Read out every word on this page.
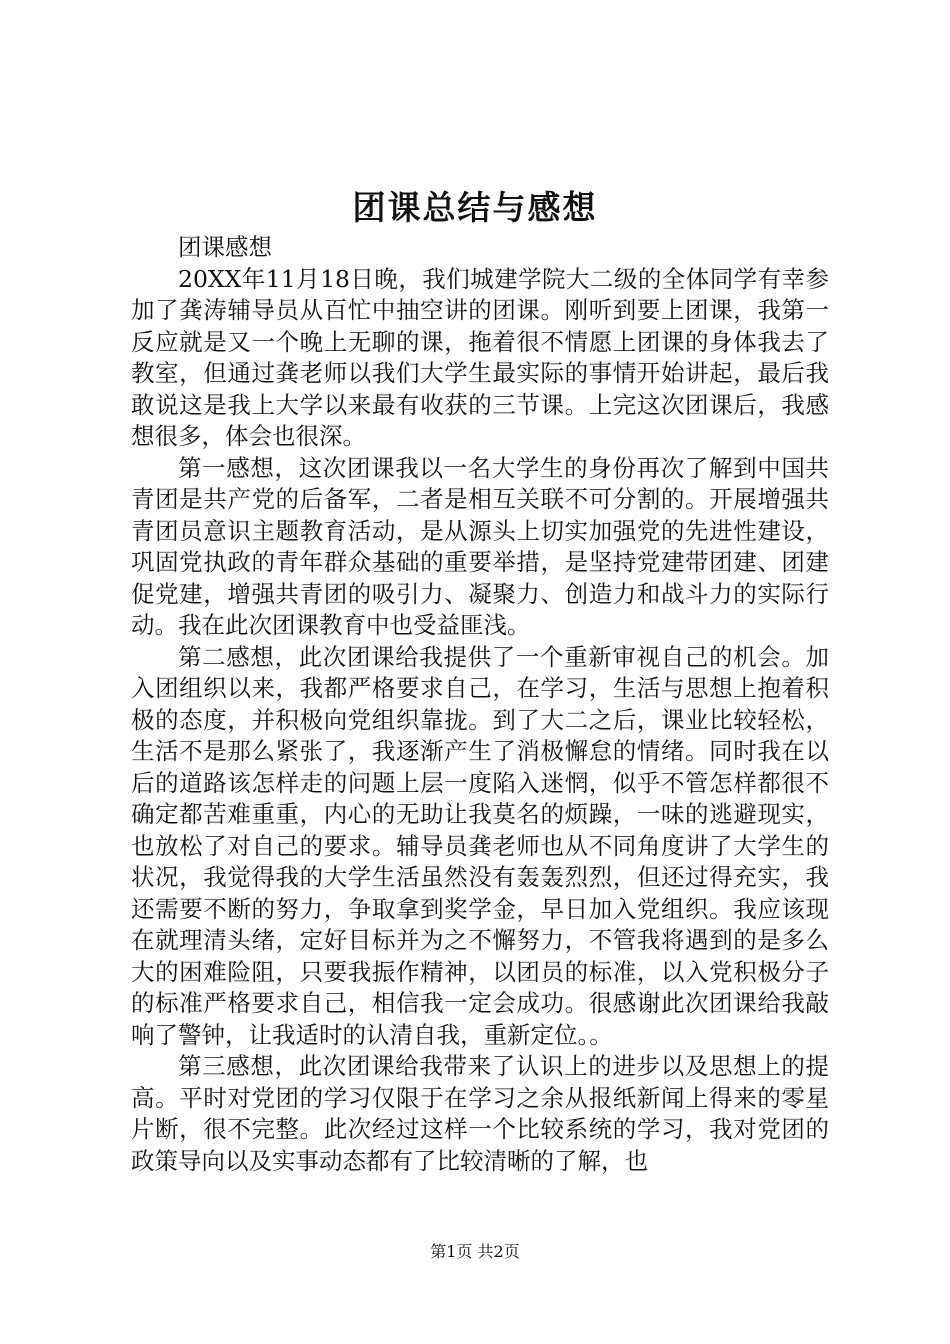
团课总结与感想

团课感想

20XX年11月18日晚，我们城建学院大二级的全体同学有幸参加了龚涛辅导员从百忙中抽空讲的团课。刚听到要上团课，我第一反应就是又一个晚上无聊的课，拖着很不情愿上团课的身体我去了教室，但通过龚老师以我们大学生最实际的事情开始讲起，最后我敢说这是我上大学以来最有收获的三节课。上完这次团课后，我感想很多，体会也很深。

第一感想，这次团课我以一名大学生的身份再次了解到中国共青团是共产党的后备军，二者是相互关联不可分割的。开展增强共青团员意识主题教育活动，是从源头上切实加强党的先进性建设，巩固党执政的青年群众基础的重要举措，是坚持党建带团建、团建促党建，增强共青团的吸引力、凝聚力、创造力和战斗力的实际行动。我在此次团课教育中也受益匪浅。

第二感想，此次团课给我提供了一个重新审视自己的机会。加入团组织以来，我都严格要求自己，在学习，生活与思想上抱着积极的态度，并积极向党组织靠拢。到了大二之后，课业比较轻松，生活不是那么紧张了，我逐渐产生了消极懈怠的情绪。同时我在以后的道路该怎样走的问题上层一度陷入迷惘，似乎不管怎样都很不确定都苦难重重，内心的无助让我莫名的烦躁，一味的逃避现实，也放松了对自己的要求。辅导员龚老师也从不同角度讲了大学生的状况，我觉得我的大学生活虽然没有轰轰烈烈，但还过得充实，我还需要不断的努力，争取拿到奖学金，早日加入党组织。我应该现在就理清头绪，定好目标并为之不懈努力，不管我将遇到的是多么大的困难险阻，只要我振作精神，以团员的标准，以入党积极分子的标准严格要求自己，相信我一定会成功。很感谢此次团课给我敲响了警钟，让我适时的认清自我，重新定位。。

第三感想，此次团课给我带来了认识上的进步以及思想上的提高。平时对党团的学习仅限于在学习之余从报纸新闻上得来的零星片断，很不完整。此次经过这样一个比较系统的学习，我对党团的政策导向以及实事动态都有了比较清晰的了解，也

第1页 共2页
